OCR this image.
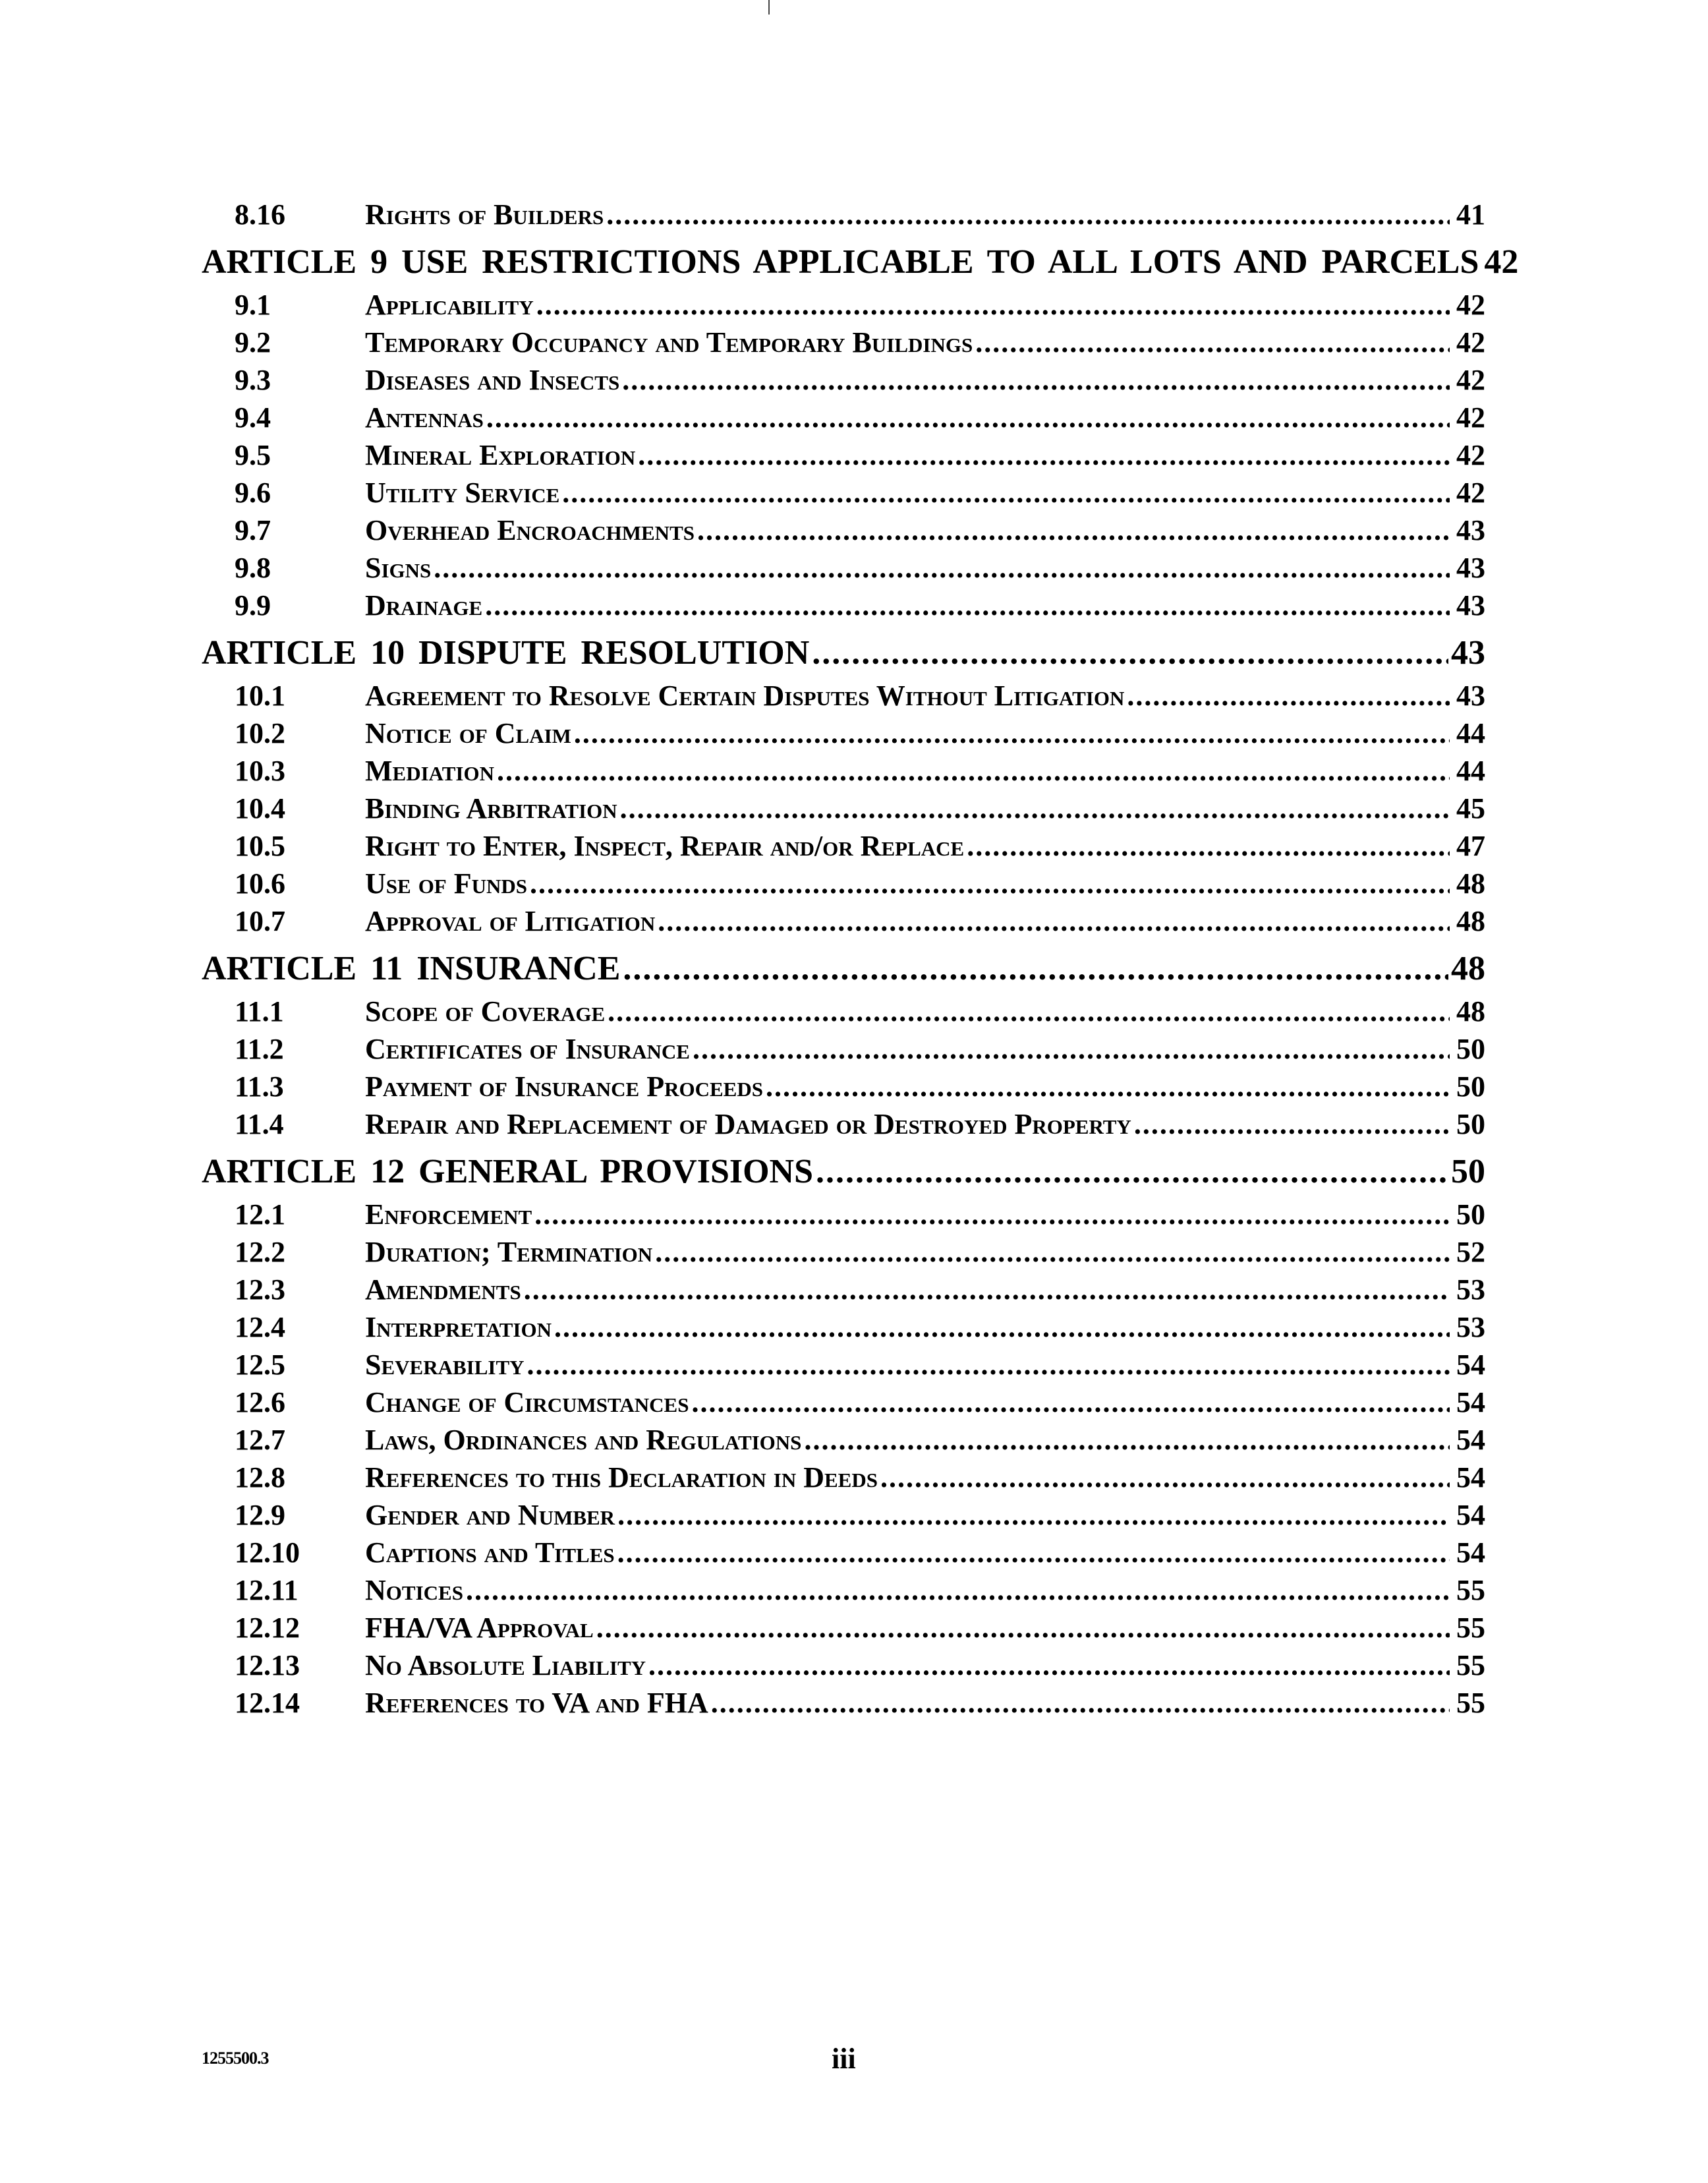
8.16	Rights of Builders .....	41
ARTICLE 9 USE RESTRICTIONS APPLICABLE TO ALL LOTS AND PARCELS 42
9.1	Applicability .....	42
9.2	Temporary Occupancy and Temporary Buildings .....	42
9.3	Diseases and Insects .....	42
9.4	Antennas .....	42
9.5	Mineral Exploration .....	42
9.6	Utility Service .....	42
9.7	Overhead Encroachments .....	43
9.8	Signs .....	43
9.9	Drainage .....	43
ARTICLE 10 DISPUTE RESOLUTION .....	43
10.1	Agreement to Resolve Certain Disputes Without Litigation .....	43
10.2	Notice of Claim .....	44
10.3	Mediation .....	44
10.4	Binding Arbitration .....	45
10.5	Right to Enter, Inspect, Repair and/or Replace .....	47
10.6	Use of Funds .....	48
10.7	Approval of Litigation .....	48
ARTICLE 11 INSURANCE .....	48
11.1	Scope of Coverage .....	48
11.2	Certificates of Insurance .....	50
11.3	Payment of Insurance Proceeds .....	50
11.4	Repair and Replacement of Damaged or Destroyed Property .....	50
ARTICLE 12 GENERAL PROVISIONS .....	50
12.1	Enforcement .....	50
12.2	Duration; Termination .....	52
12.3	Amendments .....	53
12.4	Interpretation .....	53
12.5	Severability .....	54
12.6	Change of Circumstances .....	54
12.7	Laws, Ordinances and Regulations .....	54
12.8	References to this Declaration in Deeds .....	54
12.9	Gender and Number .....	54
12.10	Captions and Titles .....	54
12.11	Notices .....	55
12.12	FHA/VA Approval .....	55
12.13	No Absolute Liability .....	55
12.14	References to VA and FHA .....	55
1255500.3	iii
